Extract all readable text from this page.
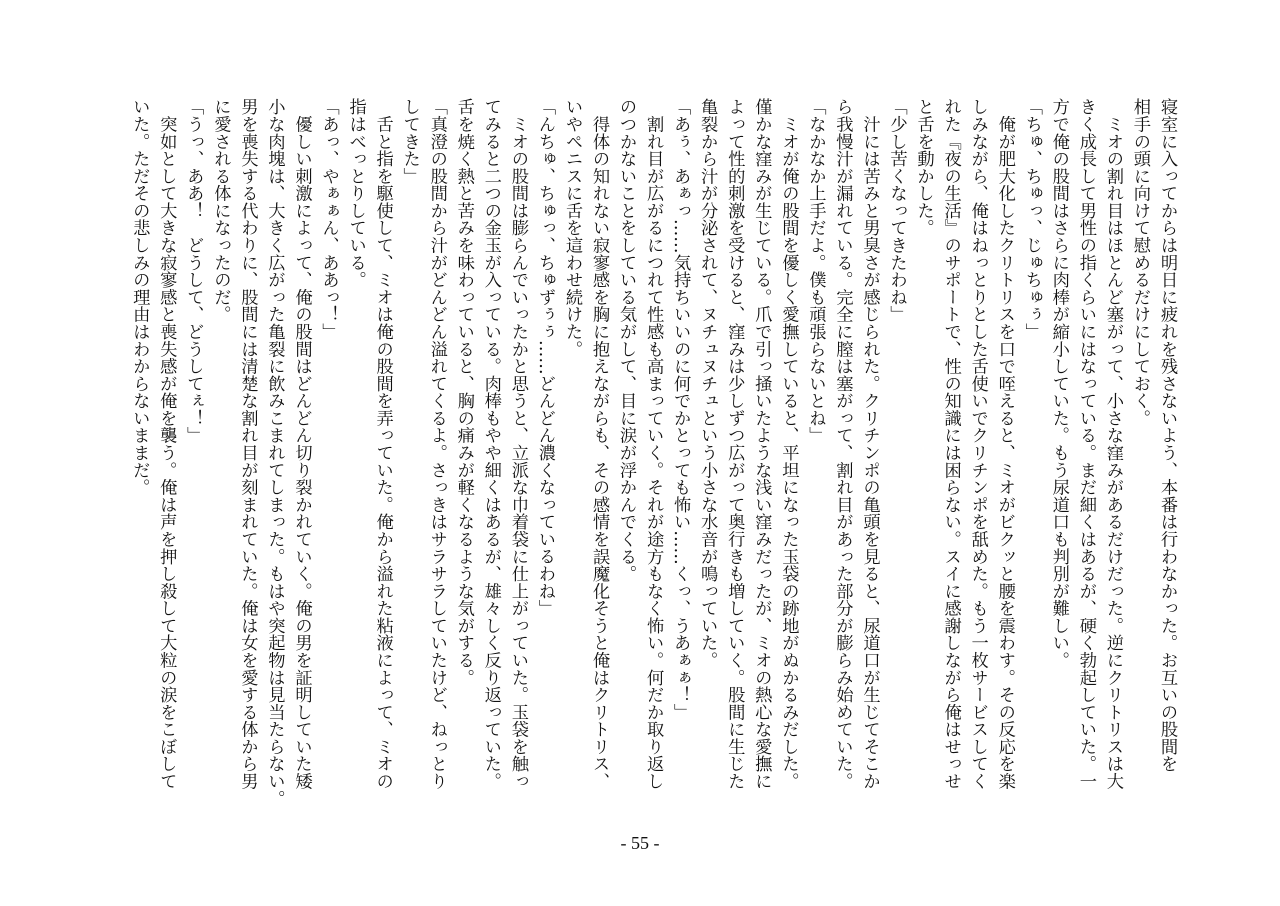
寝室に入ってからは明日に疲れを残さないよう、本番は行わなかった。お互いの股間を
相手の頭に向けて慰めるだけにしておく。
　ミオの割れ目はほとんど塞がって、小さな窪みがあるだけだった。逆にクリトリスは大
きく成長して男性の指くらいにはなっている。まだ細くはあるが、硬く勃起していた。一
方で俺の股間はさらに肉棒が縮小していた。もう尿道口も判別が難しい。
「ちゅ、ちゅっ、じゅちゅぅ」
　俺が肥大化したクリトリスを口で咥えると、ミオがビクッと腰を震わす。その反応を楽
しみながら、俺はねっとりとした舌使いでクリチンポを舐めた。もう一枚サービスしてく
れた『夜の生活』のサポートで、性の知識には困らない。スイに感謝しながら俺はせっせ
と舌を動かした。
「少し苦くなってきたわね」
　汁には苦みと男臭さが感じられた。クリチンポの亀頭を見ると、尿道口が生じてそこか
ら我慢汁が漏れている。完全に膣は塞がって、割れ目があった部分が膨らみ始めていた。
「なかなか上手だよ。僕も頑張らないとね」
　ミオが俺の股間を優しく愛撫していると、平坦になった玉袋の跡地がぬかるみだした。
僅かな窪みが生じている。爪で引っ掻いたような浅い窪みだったが、ミオの熱心な愛撫に
よって性的刺激を受けると、窪みは少しずつ広がって奥行きも増していく。股間に生じた
亀裂から汁が分泌されて、ヌチュヌチュという小さな水音が鳴っていた。
「あぅ、あぁっ……気持ちいいのに何でかとっても怖い……くっ、うあぁぁ！」
　割れ目が広がるにつれて性感も高まっていく。それが途方もなく怖い。何だか取り返し
のつかないことをしている気がして、目に涙が浮かんでくる。
　得体の知れない寂寥感を胸に抱えながらも、その感情を誤魔化そうと俺はクリトリス、
いやペニスに舌を這わせ続けた。
「んちゅ、ちゅっ、ちゅずぅぅ……どんどん濃くなっているわね」
　ミオの股間は膨らんでいったかと思うと、立派な巾着袋に仕上がっていた。玉袋を触っ
てみると二つの金玉が入っている。肉棒もやや細くはあるが、雄々しく反り返っていた。
舌を焼く熱と苦みを味わっていると、胸の痛みが軽くなるような気がする。
「真澄の股間から汁がどんどん溢れてくるよ。さっきはサラサラしていたけど、ねっとり
してきた」
　舌と指を駆使して、ミオは俺の股間を弄っていた。俺から溢れた粘液によって、ミオの
指はべっとりしている。
「あっ、やぁぁん、ああっ！」
　優しい刺激によって、俺の股間はどんどん切り裂かれていく。俺の男を証明していた矮
小な肉塊は、大きく広がった亀裂に飲みこまれてしまった。もはや突起物は見当たらない。
男を喪失する代わりに、股間には清楚な割れ目が刻まれていた。俺は女を愛する体から男
に愛される体になったのだ。
「うっ、ああ！　どうして、どうしてぇ！」
　突如として大きな寂寥感と喪失感が俺を襲う。俺は声を押し殺して大粒の涙をこぼして
いた。ただその悲しみの理由はわからないままだ。
- 55 -
